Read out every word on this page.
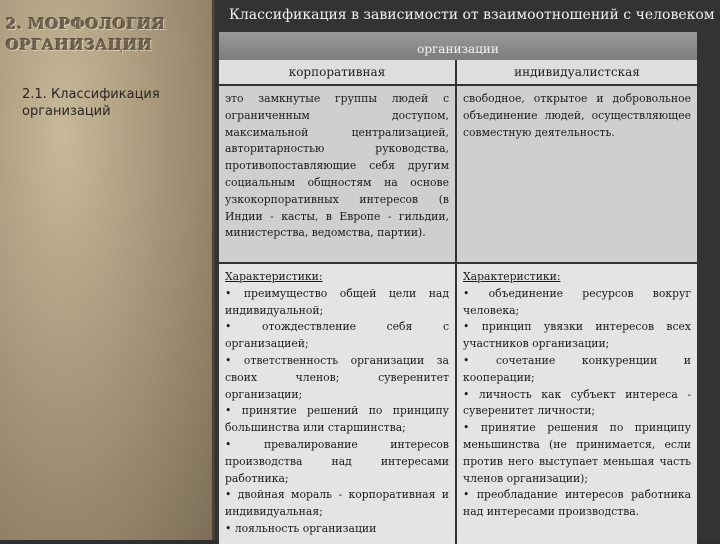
2. МОРФОЛОГИЯ ОРГАНИЗАЦИИ
2.1. Классификация организаций
Классификация в зависимости от взаимоотношений с человеком
организации
корпоративная	индивидуалистская
это замкнутые группы людей с ограниченным доступом, максимальной централизацией, авторитарностью руководства, противопоставляющие себя другим социальным общностям на основе узкокорпоративных интересов (в Индии - касты, в Европе - гильдии, министерства, ведомства, партии).
свободное, открытое и добровольное объединение людей, осуществляющее совместную деятельность.
Характеристики:
• преимущество общей цели над индивидуальной;
• отождествление себя с организацией;
• ответственность организации за своих членов; суверенитет организации;
• принятие решений по принципу большинства или старшинства;
• превалирование интересов производства над интересами работника;
• двойная мораль - корпоративная и индивидуальная;
• лояльность организации
Характеристики:
• объединение ресурсов вокруг человека;
• принцип увязки интересов всех участников организации;
• сочетание конкуренции и кооперации;
• личность как субъект интереса - суверенитет личности;
• принятие решения по принципу меньшинства (не принимается, если против него выступает меньшая часть членов организации);
• преобладание интересов работника над интересами производства.
